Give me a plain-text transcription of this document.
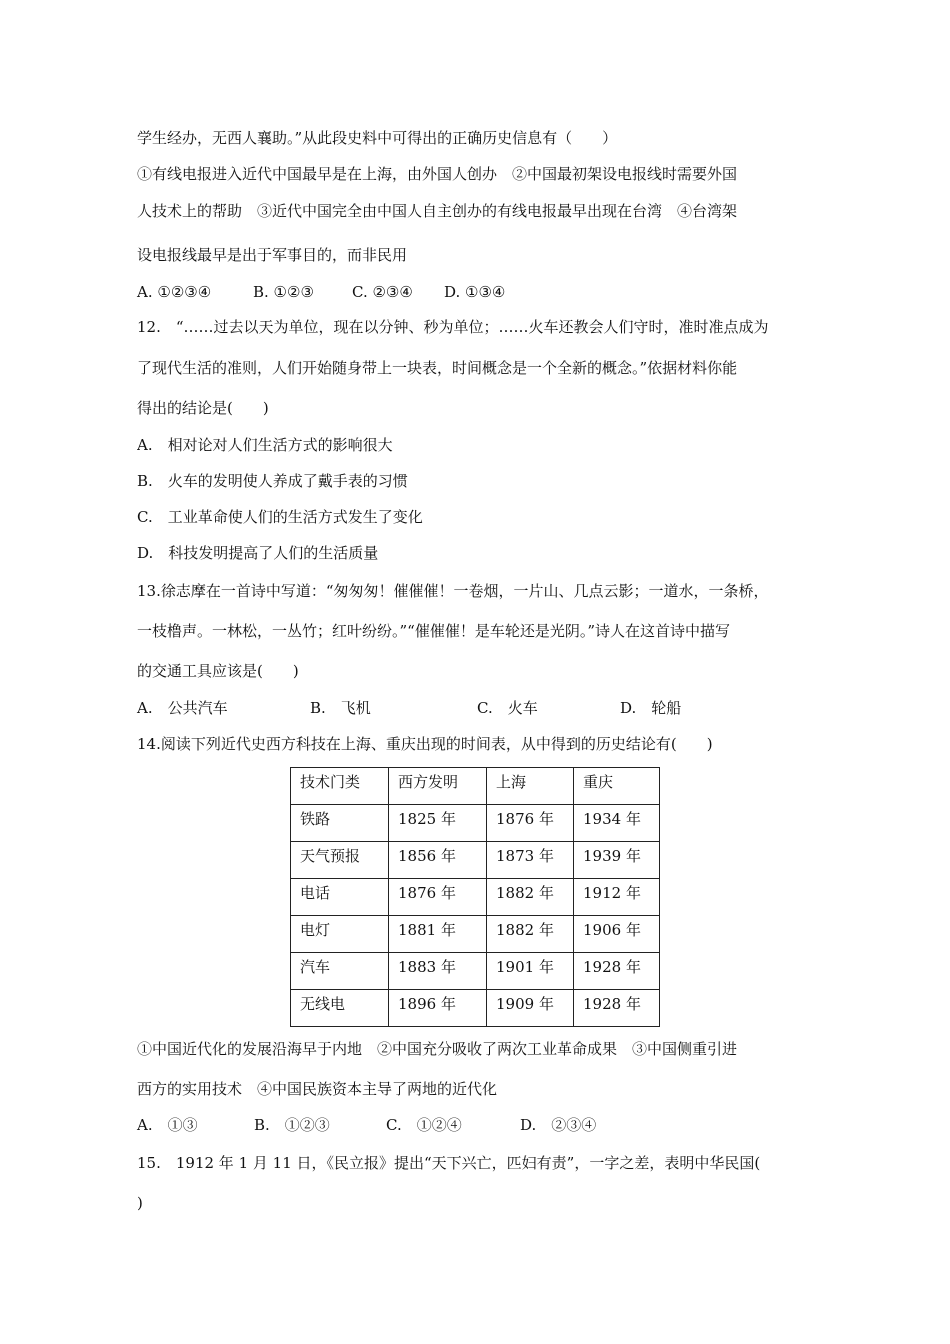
学生经办，无西人襄助。”从此段史料中可得出的正确历史信息有（　　）
①有线电报进入近代中国最早是在上海，由外国人创办　②中国最初架设电报线时需要外国
人技术上的帮助　③近代中国完全由中国人自主创办的有线电报最早出现在台湾　④台湾架
设电报线最早是出于军事目的，而非民用
A. ①②③④	B. ①②③	C. ②③④ D. ①③④
12.　“……过去以天为单位，现在以分钟、秒为单位；……火车还教会人们守时，准时准点成为
了现代生活的准则，人们开始随身带上一块表，时间概念是一个全新的概念。”依据材料你能
得出的结论是(　　)
A.　相对论对人们生活方式的影响很大
B.　火车的发明使人养成了戴手表的习惯
C.　工业革命使人们的生活方式发生了变化
D.　科技发明提高了人们的生活质量
13.徐志摩在一首诗中写道：“匆匆匆！催催催！一卷烟，一片山、几点云影；一道水，一条桥，
一枝橹声。一林松，一丛竹；红叶纷纷。”“催催催！是车轮还是光阴。”诗人在这首诗中描写
的交通工具应该是(　　)
A.　公共汽车	B.　飞机	C.　火车	D.　轮船
14.阅读下列近代史西方科技在上海、重庆出现的时间表，从中得到的历史结论有(　　)
技术门类	西方发明	上海	重庆
铁路	1825 年	1876 年	1934 年
天气预报	1856 年	1873 年	1939 年
电话	1876 年	1882 年	1912 年
电灯	1881 年	1882 年	1906 年
汽车	1883 年	1901 年	1928 年
无线电	1896 年	1909 年	1928 年
①中国近代化的发展沿海早于内地　②中国充分吸收了两次工业革命成果　③中国侧重引进
西方的实用技术　④中国民族资本主导了两地的近代化
A.　①③	B.　①②③	C.　①②④	D.　②③④
15.　1912 年 1 月 11 日，《民立报》提出“天下兴亡，匹妇有责”，一字之差，表明中华民国(
)
